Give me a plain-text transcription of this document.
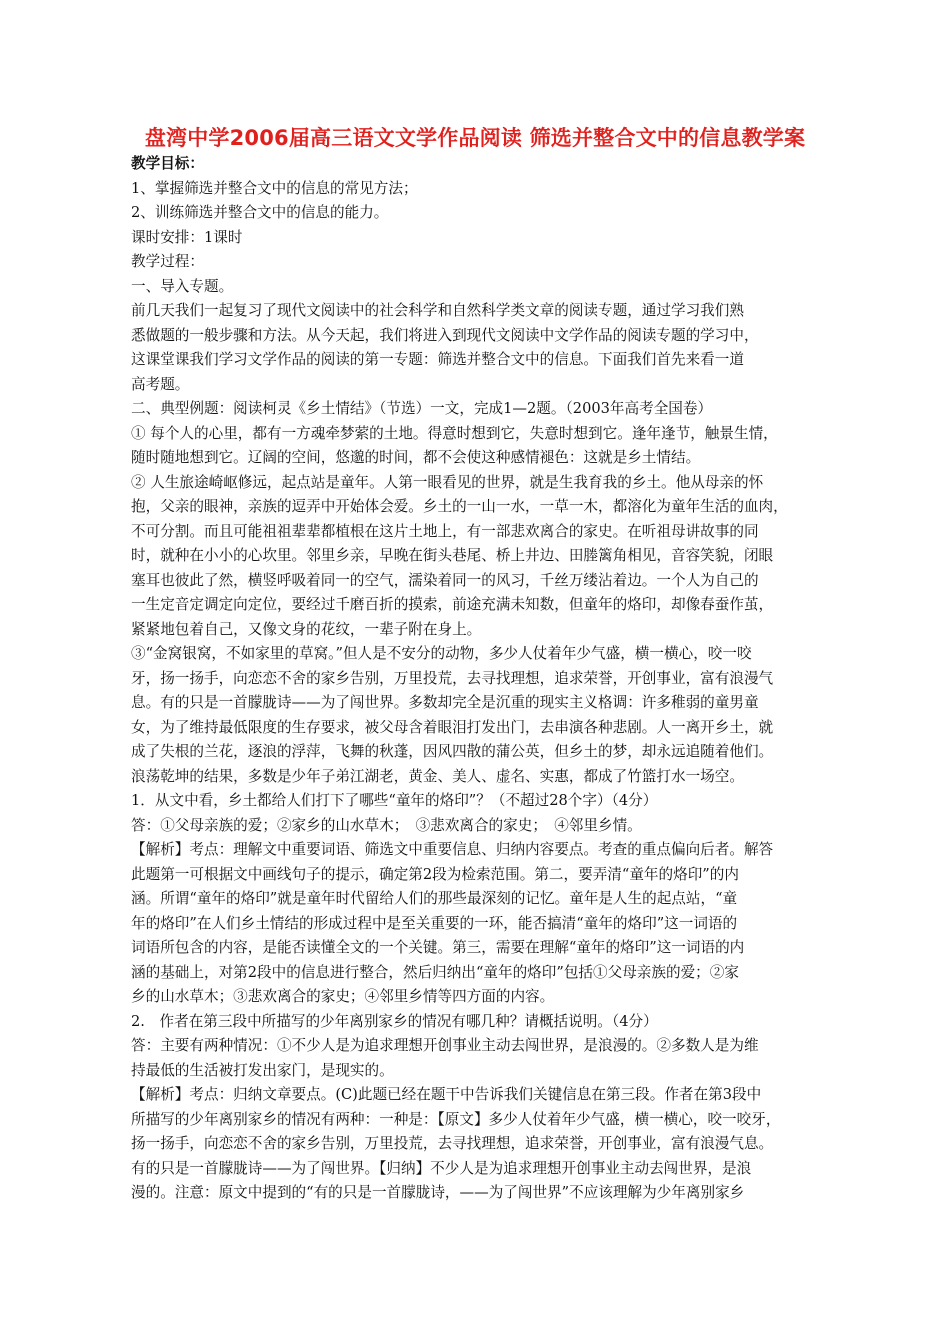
盘湾中学2006届高三语文文学作品阅读 筛选并整合文中的信息教学案
教学目标：
1、掌握筛选并整合文中的信息的常见方法；
2、训练筛选并整合文中的信息的能力。
课时安排：1课时
教学过程：
一、导入专题。
前几天我们一起复习了现代文阅读中的社会科学和自然科学类文章的阅读专题，通过学习我们熟
悉做题的一般步骤和方法。从今天起，我们将进入到现代文阅读中文学作品的阅读专题的学习中，
这课堂课我们学习文学作品的阅读的第一专题：筛选并整合文中的信息。下面我们首先来看一道
高考题。
二、典型例题：阅读柯灵《乡土情结》（节选）一文，完成1—2题。（2003年高考全国卷）
① 每个人的心里，都有一方魂牵梦萦的土地。得意时想到它，失意时想到它。逢年逢节，触景生情，
随时随地想到它。辽阔的空间，悠邈的时间，都不会使这种感情褪色：这就是乡土情结。
② 人生旅途崎岖修远，起点站是童年。人第一眼看见的世界，就是生我育我的乡土。他从母亲的怀
抱，父亲的眼神，亲族的逗弄中开始体会爱。乡土的一山一水，一草一木，都溶化为童年生活的血肉，
不可分割。而且可能祖祖辈辈都植根在这片土地上，有一部悲欢离合的家史。在听祖母讲故事的同
时，就种在小小的心坎里。邻里乡亲，早晚在街头巷尾、桥上井边、田塍篱角相见，音容笑貌，闭眼
塞耳也彼此了然，横竖呼吸着同一的空气，濡染着同一的风习，千丝万缕沾着边。一个人为自己的
一生定音定调定向定位，要经过千磨百折的摸索，前途充满未知数，但童年的烙印，却像春蚕作茧，
紧紧地包着自己，又像文身的花纹，一辈子附在身上。
③“金窝银窝，不如家里的草窝。”但人是不安分的动物，多少人仗着年少气盛，横一横心，咬一咬
牙，扬一扬手，向恋恋不舍的家乡告别，万里投荒，去寻找理想，追求荣誉，开创事业，富有浪漫气
息。有的只是一首朦胧诗——为了闯世界。多数却完全是沉重的现实主义格调：许多稚弱的童男童
女，为了维持最低限度的生存要求，被父母含着眼泪打发出门，去串演各种悲剧。人一离开乡土，就
成了失根的兰花，逐浪的浮萍，飞舞的秋蓬，因风四散的蒲公英，但乡土的梦，却永远追随着他们。
浪荡乾坤的结果，多数是少年子弟江湖老，黄金、美人、虚名、实惠，都成了竹篮打水一场空。
1．从文中看，乡土都给人们打下了哪些“童年的烙印”？（不超过28个字）（4分）
答：①父母亲族的爱；②家乡的山水草木；　③悲欢离合的家史；　④邻里乡情。
【解析】考点：理解文中重要词语、筛选文中重要信息、归纳内容要点。考查的重点偏向后者。解答
此题第一可根据文中画线句子的提示，确定第2段为检索范围。第二，要弄清“童年的烙印”的内
涵。所谓“童年的烙印”就是童年时代留给人们的那些最深刻的记忆。童年是人生的起点站，“童
年的烙印”在人们乡土情结的形成过程中是至关重要的一环，能否搞清“童年的烙印”这一词语的
词语所包含的内容，是能否读懂全文的一个关键。第三，需要在理解“童年的烙印”这一词语的内
涵的基础上，对第2段中的信息进行整合，然后归纳出“童年的烙印”包括①父母亲族的爱；②家
乡的山水草木；③悲欢离合的家史；④邻里乡情等四方面的内容。
2.　作者在第三段中所描写的少年离别家乡的情况有哪几种？请概括说明。（4分）
答：主要有两种情况：①不少人是为追求理想开创事业主动去闯世界，是浪漫的。②多数人是为维
持最低的生活被打发出家门，是现实的。
【解析】考点：归纳文章要点。(C)此题已经在题干中告诉我们关键信息在第三段。作者在第3段中
所描写的少年离别家乡的情况有两种：一种是：【原文】多少人仗着年少气盛，横一横心，咬一咬牙，
扬一扬手，向恋恋不舍的家乡告别，万里投荒，去寻找理想，追求荣誉，开创事业，富有浪漫气息。
有的只是一首朦胧诗——为了闯世界。【归纳】不少人是为追求理想开创事业主动去闯世界，是浪
漫的。注意：原文中提到的“有的只是一首朦胧诗，——为了闯世界”不应该理解为少年离别家乡
